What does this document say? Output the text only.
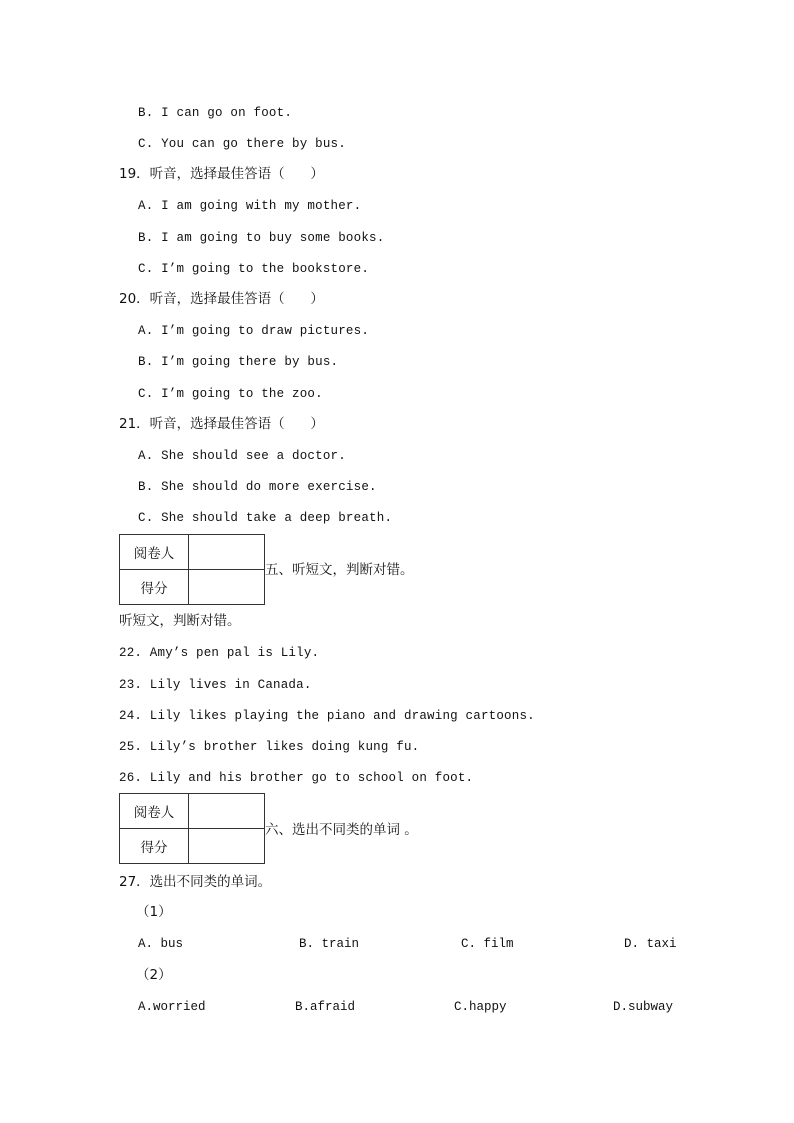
B. I can go on foot.
C. You can go there by bus.
19．听音，选择最佳答语（      ）
A. I am going with my mother.
B. I am going to buy some books.
C. I’m going to the bookstore.
20．听音，选择最佳答语（      ）
A. I’m going to draw pictures.
B. I’m going there by bus.
C. I’m going to the zoo.
21．听音，选择最佳答语（      ）
A. She should see a doctor.
B. She should do more exercise.
C. She should take a deep breath.
阅卷人	
得分	
五、听短文，判断对错。
听短文，判断对错。
22. Amy’s pen pal is Lily.
23. Lily lives in Canada.
24. Lily likes playing the piano and drawing cartoons.
25. Lily’s brother likes doing kung fu.
26. Lily and his brother go to school on foot.
阅卷人	
得分	
六、选出不同类的单词 。
27．选出不同类的单词。
（1）
A. bus	B. train	C. film	D. taxi
（2）
A.worried	B.afraid	C.happy	D.subway
